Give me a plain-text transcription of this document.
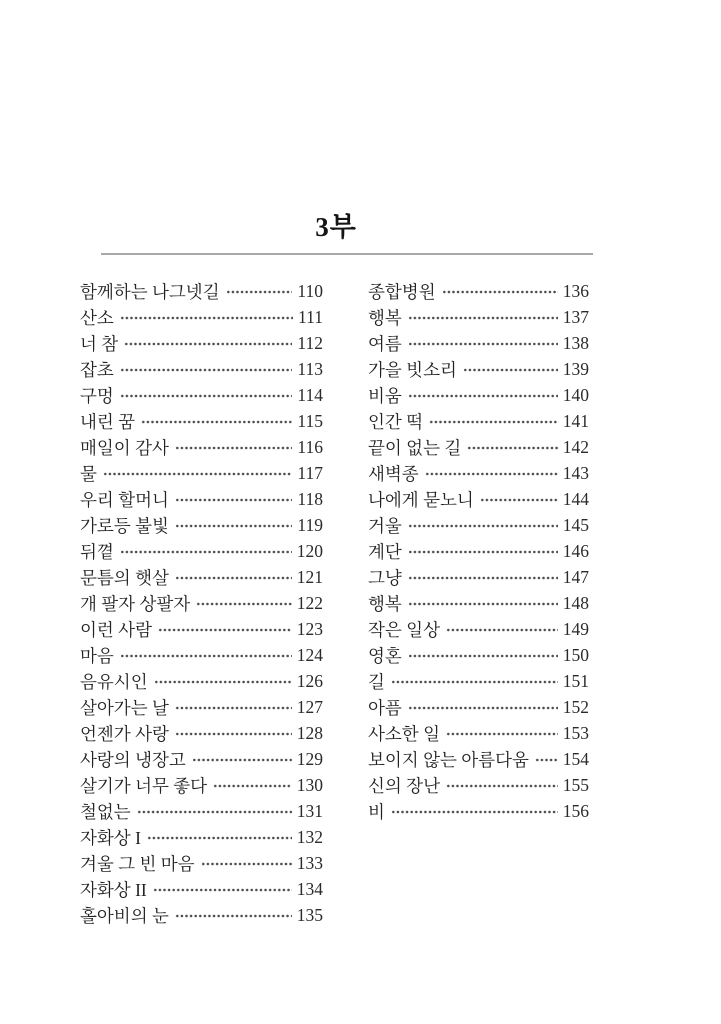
3부
함께하는 나그넷길	110
산소	111
너 참	112
잡초	113
구멍	114
내린 꿈	115
매일이 감사	116
물	117
우리 할머니	118
가로등 불빛	119
뒤꼍	120
문틈의 햇살	121
개 팔자 상팔자	122
이런 사람	123
마음	124
음유시인	126
살아가는 날	127
언젠가 사랑	128
사랑의 냉장고	129
살기가 너무 좋다	130
철없는	131
자화상 I	132
겨울 그 빈 마음	133
자화상 II	134
홀아비의 눈	135
종합병원	136
행복	137
여름	138
가을 빗소리	139
비움	140
인간 떡	141
끝이 없는 길	142
새벽종	143
나에게 묻노니	144
거울	145
계단	146
그냥	147
행복	148
작은 일상	149
영혼	150
길	151
아픔	152
사소한 일	153
보이지 않는 아름다움 154
신의 장난	155
비	156
